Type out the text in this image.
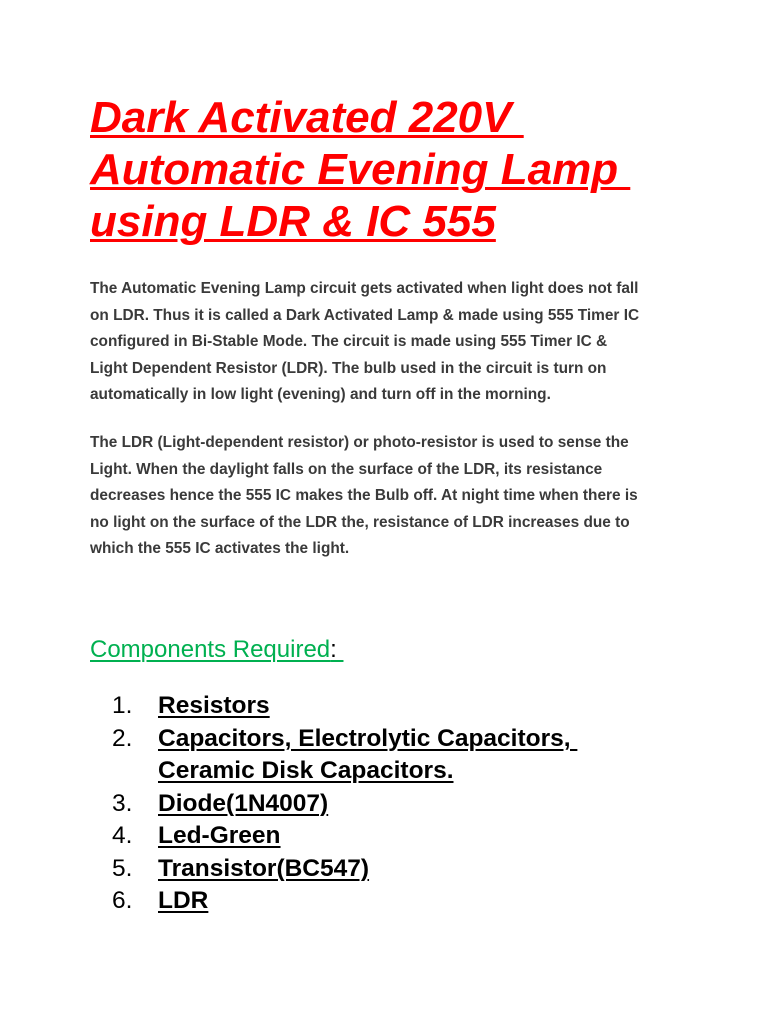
Dark Activated 220V
Automatic Evening Lamp
using LDR & IC 555

The Automatic Evening Lamp circuit gets activated when light does not fall
on LDR. Thus it is called a Dark Activated Lamp & made using 555 Timer IC
configured in Bi-Stable Mode. The circuit is made using 555 Timer IC &
Light Dependent Resistor (LDR). The bulb used in the circuit is turn on
automatically in low light (evening) and turn off in the morning.

The LDR (Light-dependent resistor) or photo-resistor is used to sense the
Light. When the daylight falls on the surface of the LDR, its resistance
decreases hence the 555 IC makes the Bulb off. At night time when there is
no light on the surface of the LDR the, resistance of LDR increases due to
which the 555 IC activates the light.

Components Required:
1. Resistors
2. Capacitors, Electrolytic Capacitors,
Ceramic Disk Capacitors.
3. Diode(1N4007)
4. Led-Green
5. Transistor(BC547)
6. LDR
